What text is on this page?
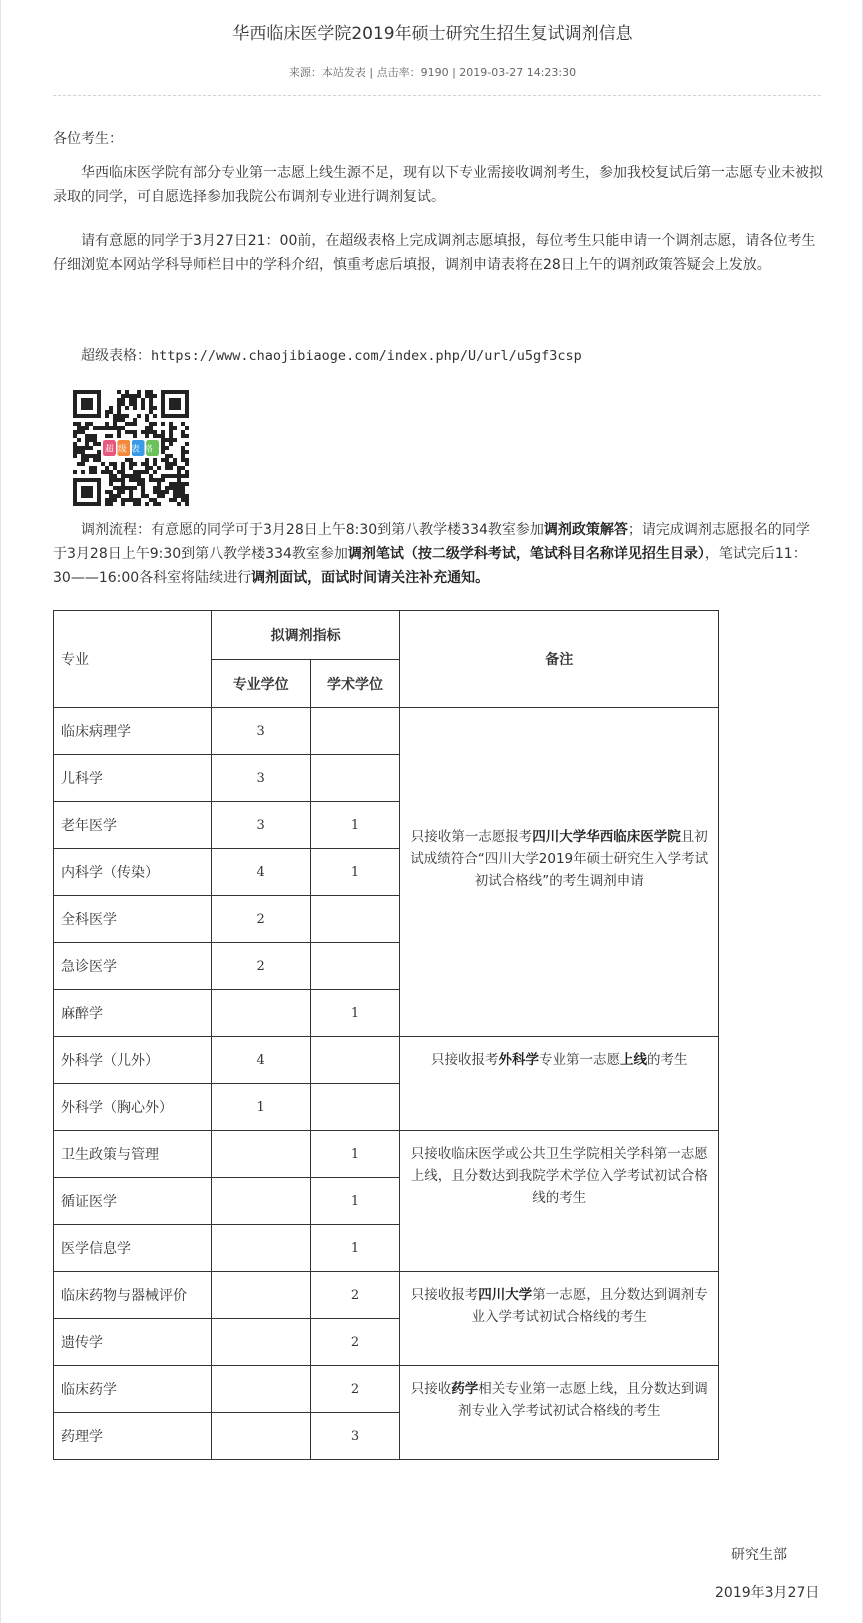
华西临床医学院2019年硕士研究生招生复试调剂信息
来源：本站发表 | 点击率：9190 | 2019-03-27 14:23:30
各位考生：
华西临床医学院有部分专业第一志愿上线生源不足，现有以下专业需接收调剂考生，参加我校复试后第一志愿专业未被拟录取的同学，可自愿选择参加我院公布调剂专业进行调剂复试。
请有意愿的同学于3月27日21：00前，在超级表格上完成调剂志愿填报，每位考生只能申请一个调剂志愿，请各位考生仔细浏览本网站学科导师栏目中的学科介绍，慎重考虑后填报，调剂申请表将在28日上午的调剂政策答疑会上发放。
超级表格：https://www.chaojibiaoge.com/index.php/U/url/u5gf3csp
超级表格
调剂流程：有意愿的同学可于3月28日上午8:30到第八教学楼334教室参加调剂政策解答；请完成调剂志愿报名的同学于3月28日上午9:30到第八教学楼334教室参加调剂笔试（按二级学科考试，笔试科目名称详见招生目录），笔试完后11：30——16:00各科室将陆续进行调剂面试，面试时间请关注补充通知。
专业	拟调剂指标		备注
	专业学位	学术学位	
临床病理学	3		只接收第一志愿报考四川大学华西临床医学院且初试成绩符合“四川大学2019年硕士研究生入学考试初试合格线”的考生调剂申请
儿科学	3		
老年医学	3	1	
内科学（传染）	4	1	
全科医学	2		
急诊医学	2		
麻醉学		1	
外科学（儿外）	4		只接收报考外科学专业第一志愿上线的考生
外科学（胸心外）	1		
卫生政策与管理		1	只接收临床医学或公共卫生学院相关学科第一志愿上线，且分数达到我院学术学位入学考试初试合格线的考生
循证医学		1	
医学信息学		1	
临床药物与器械评价		2	只接收报考四川大学第一志愿，且分数达到调剂专业入学考试初试合格线的考生
遗传学		2	
临床药学		2	只接收药学相关专业第一志愿上线，且分数达到调剂专业入学考试初试合格线的考生
药理学		3	
研究生部
2019年3月27日
